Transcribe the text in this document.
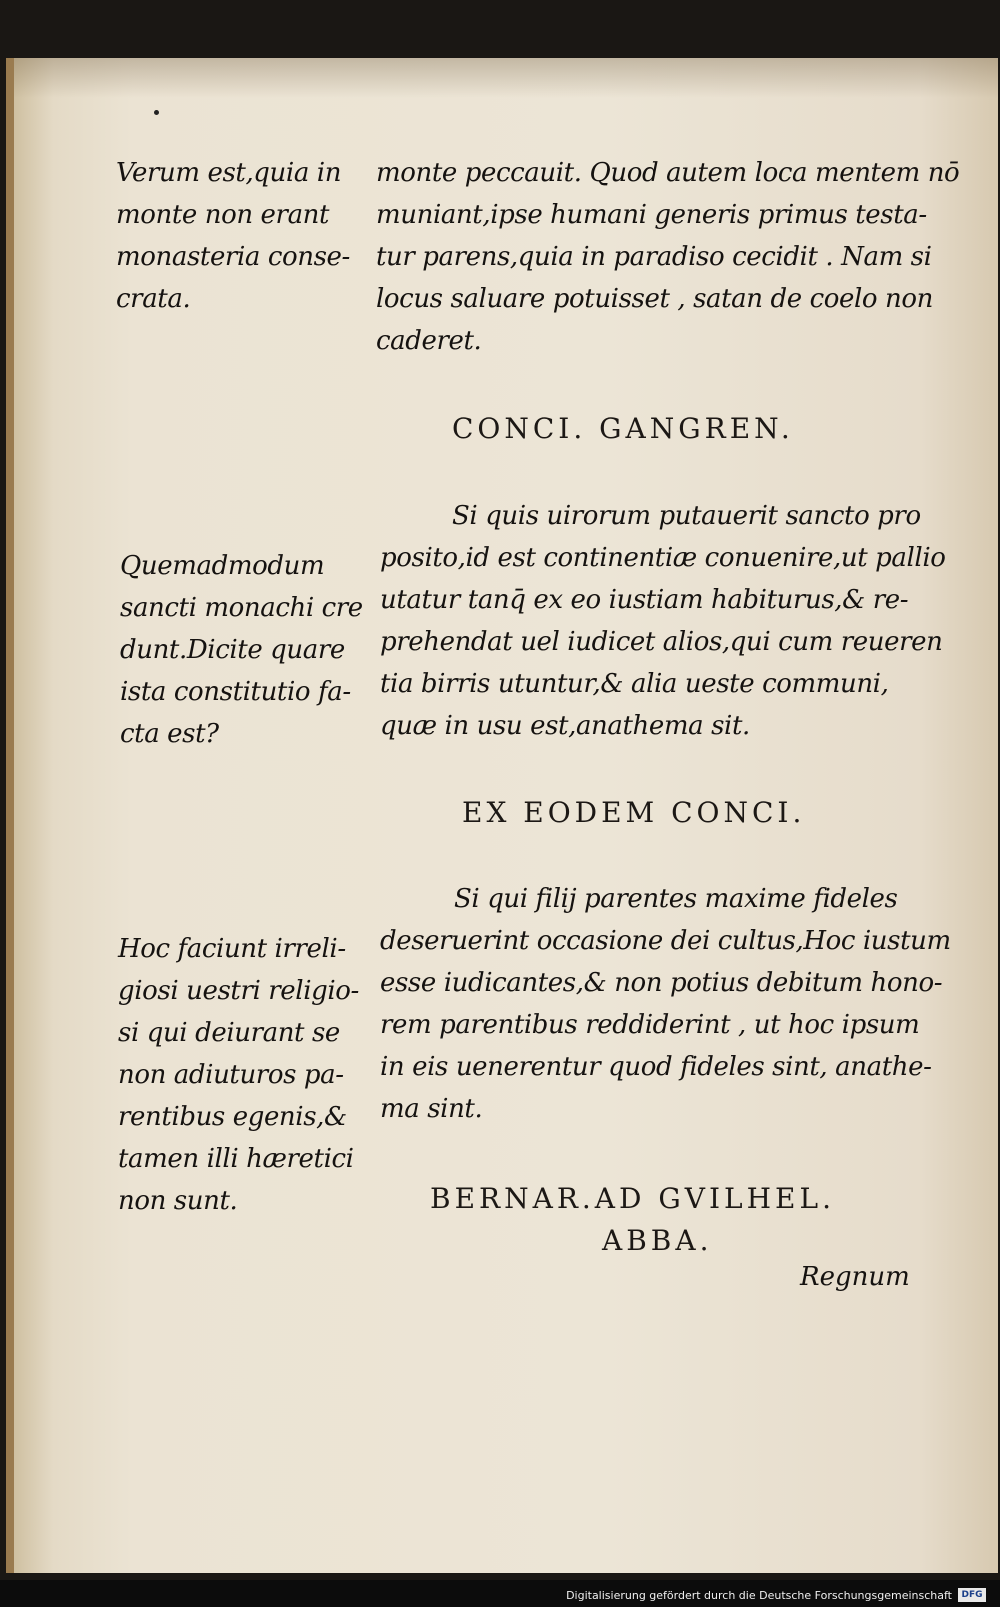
Verum est,quia in
monte non erant
monasteria conse-
crata.
monte peccauit. Quod autem loca mentem nō
muniant,ipse humani generis primus testa-
tur parens,quia in paradiso cecidit . Nam si
locus saluare potuisset , satan de coelo non
caderet.
CONCI. GANGREN.
Quemadmodum
sancti monachi cre
dunt.Dicite quare
ista constitutio fa-
cta est?
Si quis uirorum putauerit sancto pro
posito,id est continentiæ conuenire,ut pallio
utatur tanq̄ ex eo iustiam habiturus,& re-
prehendat uel iudicet alios,qui cum reueren
tia birris utuntur,& alia ueste communi,
quæ in usu est,anathema sit.
EX EODEM CONCI.
Hoc faciunt irreli-
giosi uestri religio-
si qui deiurant se
non adiuturos pa-
rentibus egenis,&
tamen illi hæretici
non sunt.
Si qui filij parentes maxime fideles
deseruerint occasione dei cultus,Hoc iustum
esse iudicantes,& non potius debitum hono-
rem parentibus reddiderint , ut hoc ipsum
in eis uenerentur quod fideles sint, anathe-
ma sint.
BERNAR.AD GVILHEL.
ABBA.
Regnum
Digitalisierung gefördert durch die Deutsche Forschungsgemeinschaft	DFG
